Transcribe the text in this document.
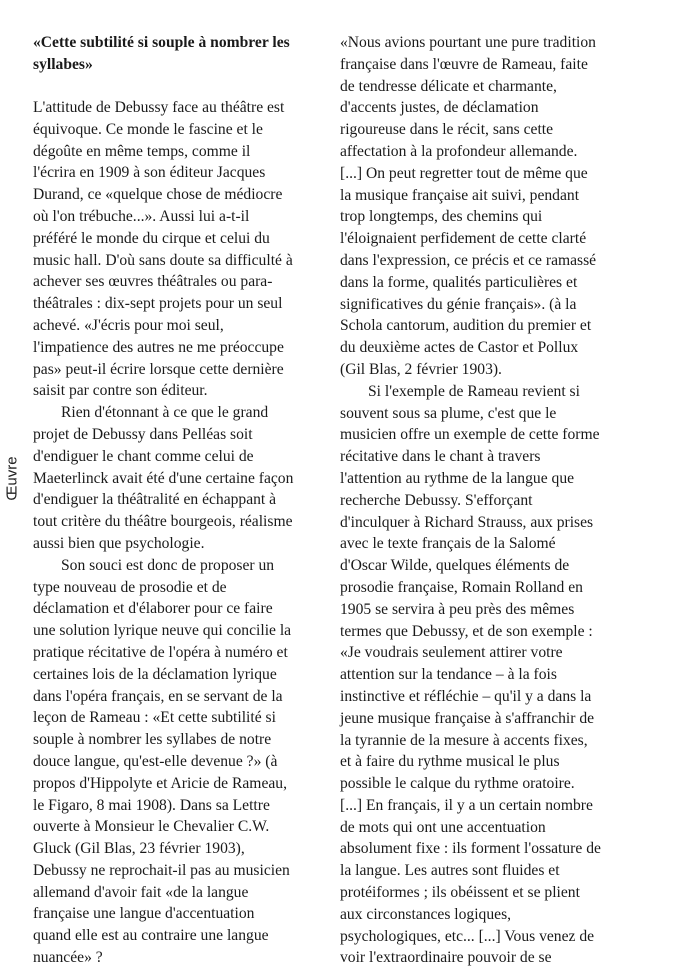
Œuvre
«Cette subtilité si souple à nombrer les
syllabes»
L'attitude de Debussy face au théâtre est
équivoque. Ce monde le fascine et le
dégoûte en même temps, comme il
l'écrira en 1909 à son éditeur Jacques
Durand, ce «quelque chose de médiocre
où l'on trébuche...». Aussi lui a-t-il
préféré le monde du cirque et celui du
music hall. D'où sans doute sa difficulté à
achever ses œuvres théâtrales ou para-
théâtrales : dix-sept projets pour un seul
achevé. «J'écris pour moi seul,
l'impatience des autres ne me préoccupe
pas» peut-il écrire lorsque cette dernière
saisit par contre son éditeur.
Rien d'étonnant à ce que le grand
projet de Debussy dans Pelléas soit
d'endiguer le chant comme celui de
Maeterlinck avait été d'une certaine façon
d'endiguer la théâtralité en échappant à
tout critère du théâtre bourgeois, réalisme
aussi bien que psychologie.
Son souci est donc de proposer un
type nouveau de prosodie et de
déclamation et d'élaborer pour ce faire
une solution lyrique neuve qui concilie la
pratique récitative de l'opéra à numéro et
certaines lois de la déclamation lyrique
dans l'opéra français, en se servant de la
leçon de Rameau : «Et cette subtilité si
souple à nombrer les syllabes de notre
douce langue, qu'est-elle devenue ?» (à
propos d'Hippolyte et Aricie de Rameau,
le Figaro, 8 mai 1908). Dans sa Lettre
ouverte à Monsieur le Chevalier C.W.
Gluck (Gil Blas, 23 février 1903),
Debussy ne reprochait-il pas au musicien
allemand d'avoir fait «de la langue
française une langue d'accentuation
quand elle est au contraire une langue
nuancée» ?
«Nous avions pourtant une pure tradition
française dans l'œuvre de Rameau, faite
de tendresse délicate et charmante,
d'accents justes, de déclamation
rigoureuse dans le récit, sans cette
affectation à la profondeur allemande.
[...] On peut regretter tout de même que
la musique française ait suivi, pendant
trop longtemps, des chemins qui
l'éloignaient perfidement de cette clarté
dans l'expression, ce précis et ce ramassé
dans la forme, qualités particulières et
significatives du génie français». (à la
Schola cantorum, audition du premier et
du deuxième actes de Castor et Pollux
(Gil Blas, 2 février 1903).
Si l'exemple de Rameau revient si
souvent sous sa plume, c'est que le
musicien offre un exemple de cette forme
récitative dans le chant à travers
l'attention au rythme de la langue que
recherche Debussy. S'efforçant
d'inculquer à Richard Strauss, aux prises
avec le texte français de la Salomé
d'Oscar Wilde, quelques éléments de
prosodie française, Romain Rolland en
1905 se servira à peu près des mêmes
termes que Debussy, et de son exemple :
«Je voudrais seulement attirer votre
attention sur la tendance – à la fois
instinctive et réfléchie – qu'il y a dans la
jeune musique française à s'affranchir de
la tyrannie de la mesure à accents fixes,
et à faire du rythme musical le plus
possible le calque du rythme oratoire.
[...] En français, il y a un certain nombre
de mots qui ont une accentuation
absolument fixe : ils forment l'ossature de
la langue. Les autres sont fluides et
protéiformes ; ils obéissent et se plient
aux circonstances logiques,
psychologiques, etc... [...] Vous venez de
voir l'extraordinaire pouvoir de se
